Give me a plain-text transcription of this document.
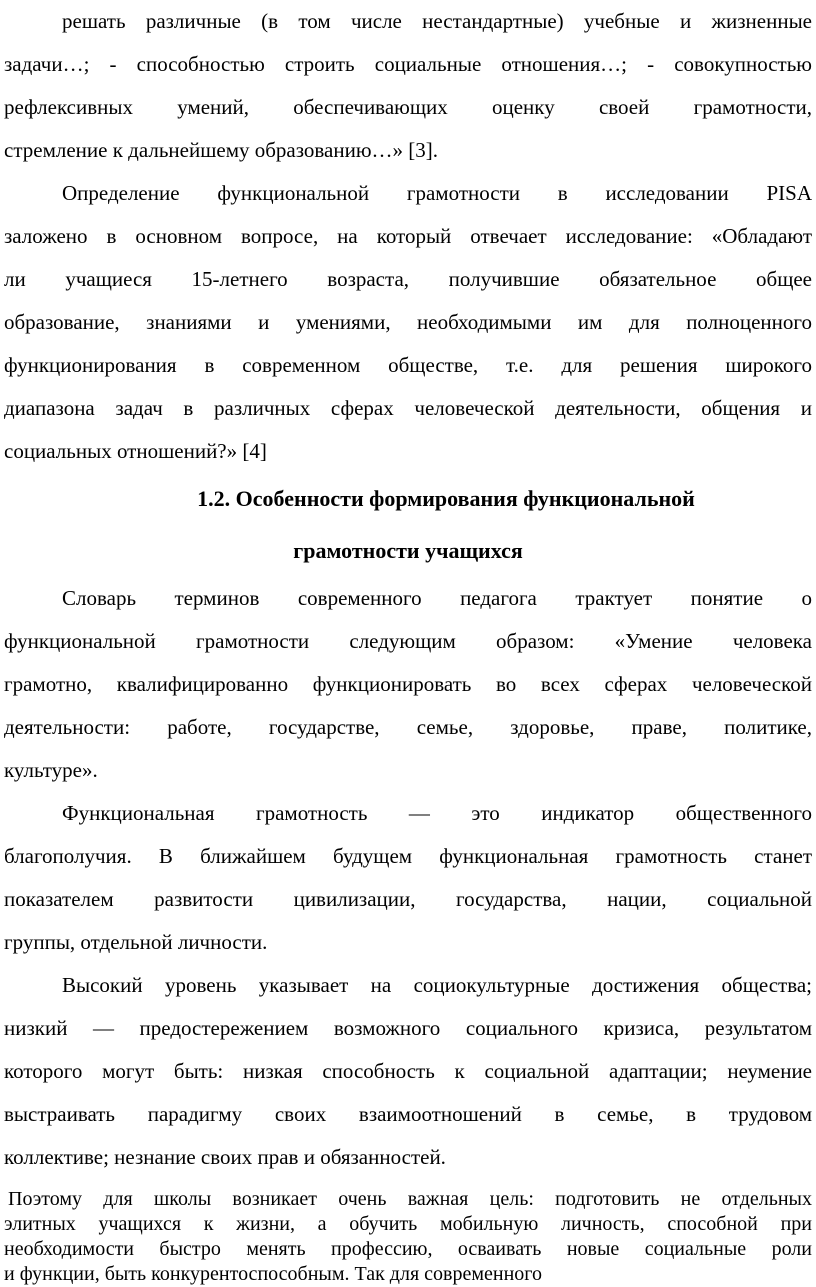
решать различные (в том числе нестандартные) учебные и жизненные
задачи…; - способностью строить социальные отношения…; - совокупностью
рефлексивных умений, обеспечивающих оценку своей грамотности,
стремление к дальнейшему образованию…» [3].
Определение функциональной грамотности в исследовании PISA
заложено в основном вопросе, на который отвечает исследование: «Обладают
ли учащиеся 15-летнего возраста, получившие обязательное общее
образование, знаниями и умениями, необходимыми им для полноценного
функционирования в современном обществе, т.е. для решения широкого
диапазона задач в различных сферах человеческой деятельности, общения и
социальных отношений?» [4]
1.2. Особенности формирования функциональной
грамотности учащихся
Словарь терминов современного педагога трактует понятие о
функциональной грамотности следующим образом: «Умение человека
грамотно, квалифицированно функционировать во всех сферах человеческой
деятельности: работе, государстве, семье, здоровье, праве, политике,
культуре».
Функциональная грамотность — это индикатор общественного
благополучия. В ближайшем будущем функциональная грамотность станет
показателем развитости цивилизации, государства, нации, социальной
группы, отдельной личности.
Высокий уровень указывает на социокультурные достижения общества;
низкий — предостережением возможного социального кризиса, результатом
которого могут быть: низкая способность к социальной адаптации; неумение
выстраивать парадигму своих взаимоотношений в семье, в трудовом
коллективе; незнание своих прав и обязанностей.
Поэтому для школы возникает очень важная цель: подготовить не отдельных
элитных учащихся к жизни, а обучить мобильную личность, способной при
необходимости быстро менять профессию, осваивать новые социальные роли
и функции, быть конкурентоспособным. Так для современного
